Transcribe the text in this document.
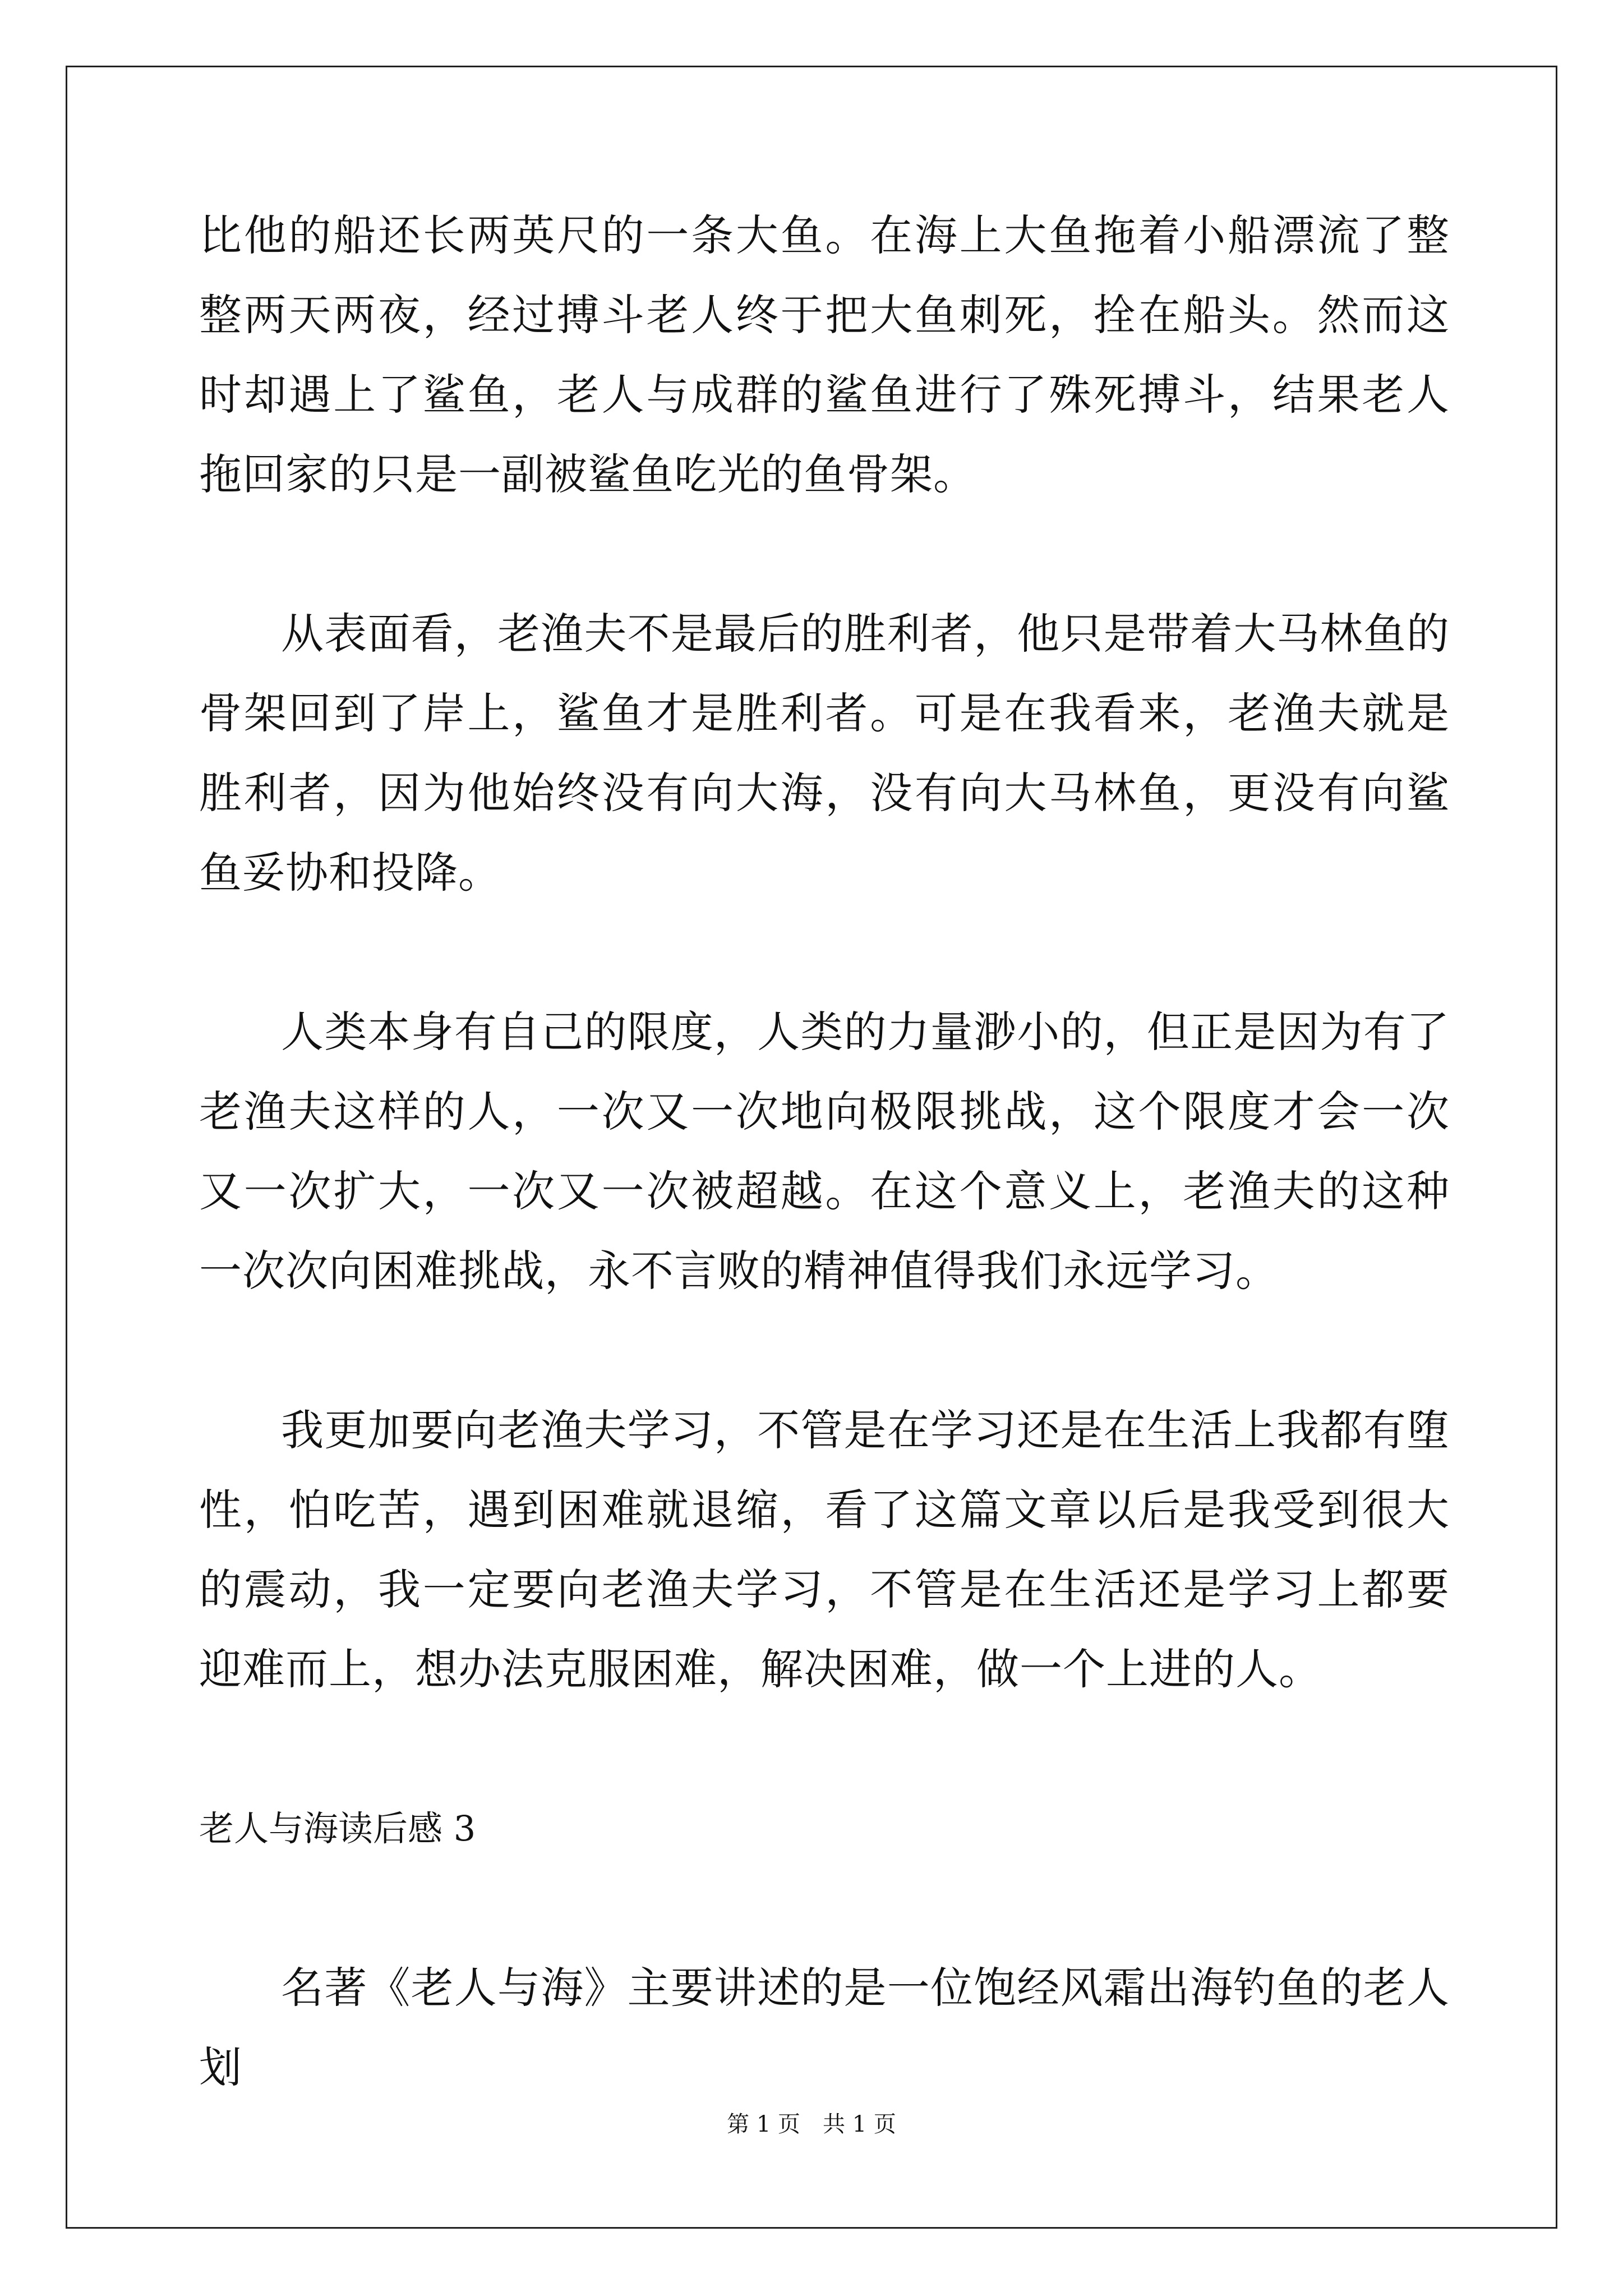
比他的船还长两英尺的一条大鱼。在海上大鱼拖着小船漂流了整整两天两夜，经过搏斗老人终于把大鱼刺死，拴在船头。然而这时却遇上了鲨鱼，老人与成群的鲨鱼进行了殊死搏斗，结果老人拖回家的只是一副被鲨鱼吃光的鱼骨架。

从表面看，老渔夫不是最后的胜利者，他只是带着大马林鱼的骨架回到了岸上，鲨鱼才是胜利者。可是在我看来，老渔夫就是胜利者，因为他始终没有向大海，没有向大马林鱼，更没有向鲨鱼妥协和投降。

人类本身有自己的限度，人类的力量渺小的，但正是因为有了老渔夫这样的人，一次又一次地向极限挑战，这个限度才会一次又一次扩大，一次又一次被超越。在这个意义上，老渔夫的这种一次次向困难挑战，永不言败的精神值得我们永远学习。

我更加要向老渔夫学习，不管是在学习还是在生活上我都有堕性，怕吃苦，遇到困难就退缩，看了这篇文章以后是我受到很大的震动，我一定要向老渔夫学习，不管是在生活还是学习上都要迎难而上，想办法克服困难，解决困难，做一个上进的人。

老人与海读后感 3

名著《老人与海》主要讲述的是一位饱经风霜出海钓鱼的老人划

第 1 页　共 1 页
